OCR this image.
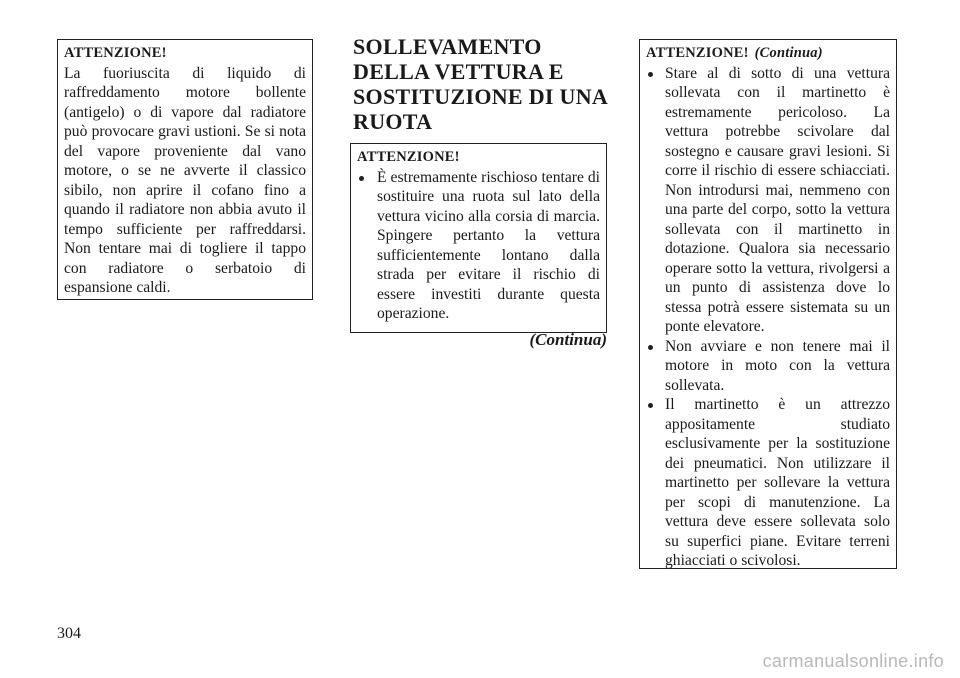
ATTENZIONE!
La fuoriuscita di liquido di raffreddamento motore bollente (antigelo) o di vapore dal radiatore può provocare gravi ustioni. Se si nota del vapore proveniente dal vano motore, o se ne avverte il classico sibilo, non aprire il cofano fino a quando il radiatore non abbia avuto il tempo sufficiente per raffreddarsi. Non tentare mai di togliere il tappo con radiatore o serbatoio di espansione caldi.
SOLLEVAMENTO DELLA VETTURA E SOSTITUZIONE DI UNA RUOTA
ATTENZIONE!
È estremamente rischioso tentare di sostituire una ruota sul lato della vettura vicino alla corsia di marcia. Spingere pertanto la vettura sufficientemente lontano dalla strada per evitare il rischio di essere investiti durante questa operazione.
(Continua)
ATTENZIONE! (Continua)
Stare al di sotto di una vettura sollevata con il martinetto è estremamente pericoloso. La vettura potrebbe scivolare dal sostegno e causare gravi lesioni. Si corre il rischio di essere schiacciati. Non introdursi mai, nemmeno con una parte del corpo, sotto la vettura sollevata con il martinetto in dotazione. Qualora sia necessario operare sotto la vettura, rivolgersi a un punto di assistenza dove lo stessa potrà essere sistemata su un ponte elevatore.
Non avviare e non tenere mai il motore in moto con la vettura sollevata.
Il martinetto è un attrezzo appositamente studiato esclusivamente per la sostituzione dei pneumatici. Non utilizzare il martinetto per sollevare la vettura per scopi di manutenzione. La vettura deve essere sollevata solo su superfici piane. Evitare terreni ghiacciati o scivolosi.
304
carmanualsonline.info
